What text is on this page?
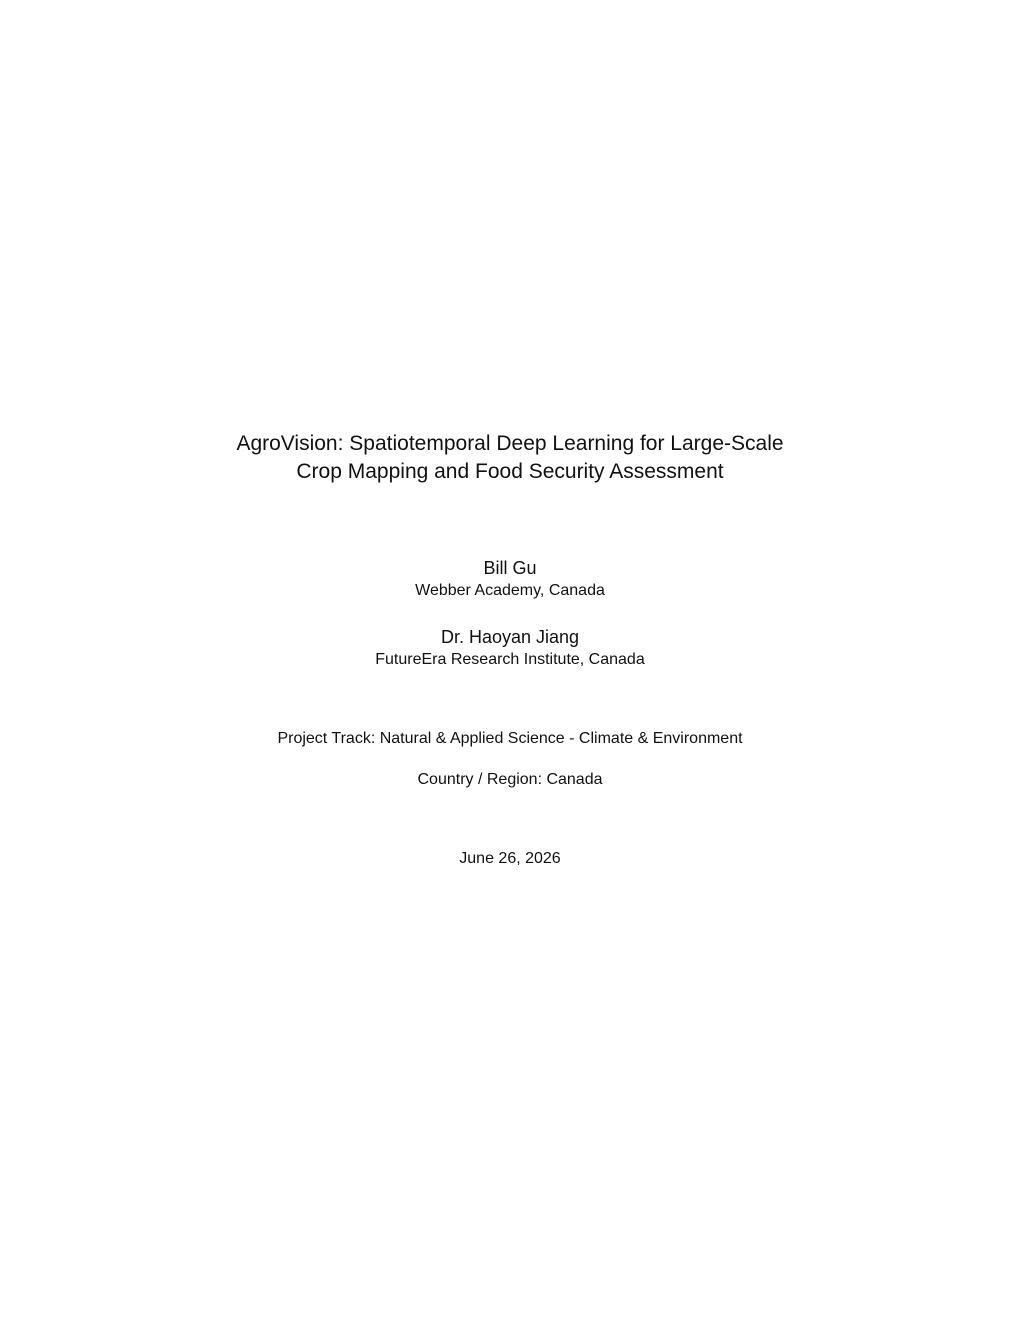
AgroVision: Spatiotemporal Deep Learning for Large-Scale
Crop Mapping and Food Security Assessment
Bill Gu
Webber Academy, Canada
Dr. Haoyan Jiang
FutureEra Research Institute, Canada
Project Track: Natural & Applied Science - Climate & Environment
Country / Region: Canada
June 26, 2026
